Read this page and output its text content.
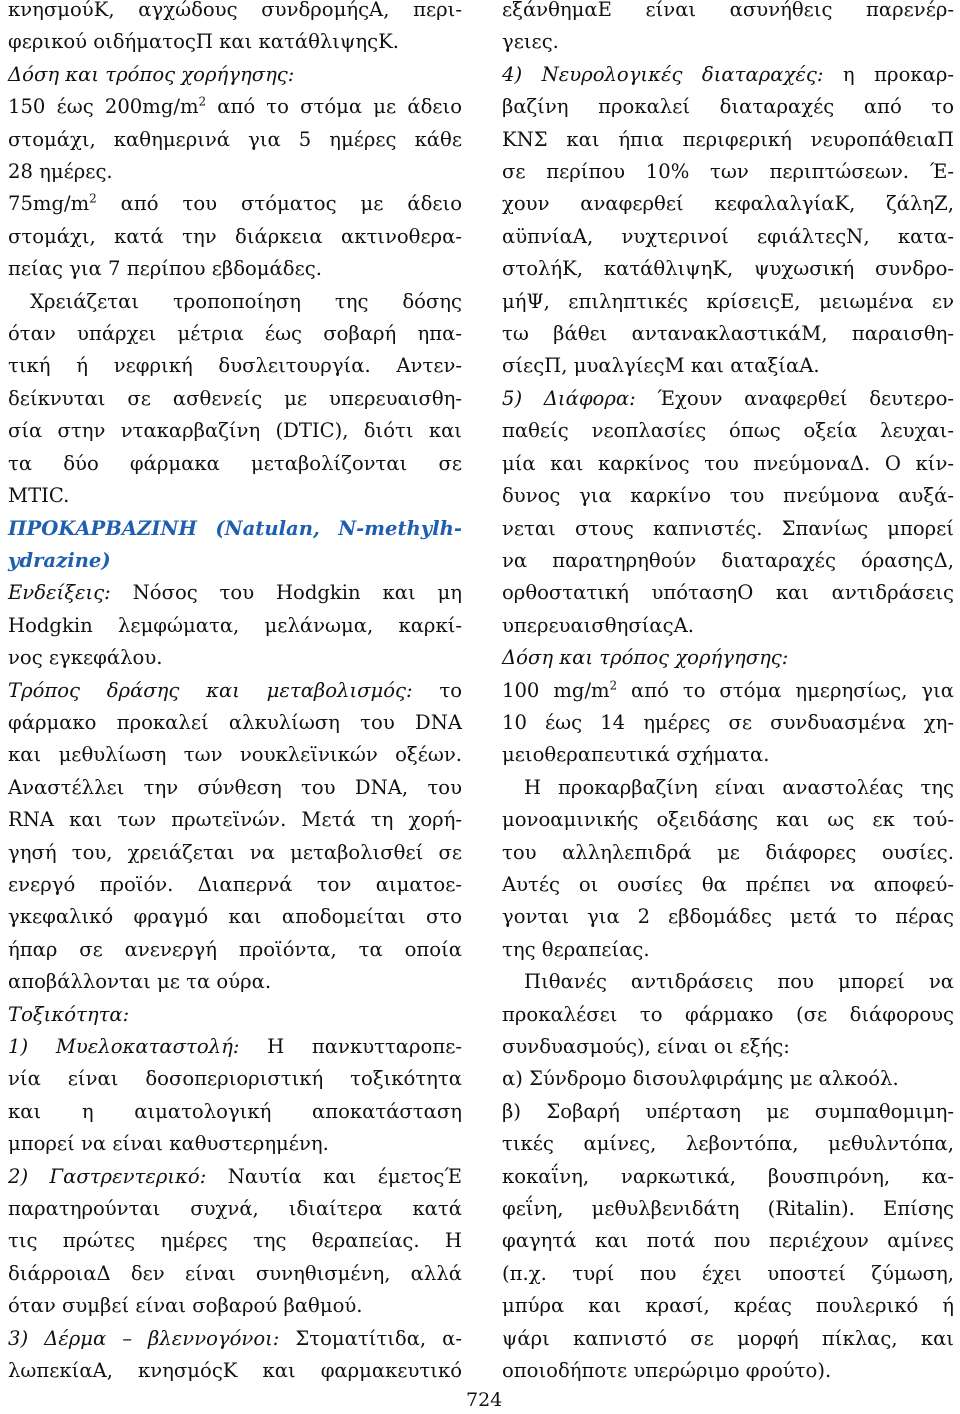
κνησμούΚ, αγχώδους συνδρομήςΑ, περι-
φερικού οιδήματοςΠ και κατάθλιψηςΚ.
Δόση και τρόπος χορήγησης:
150 έως $200mg/m^2$ από το στόμα με άδειο
στομάχι, καθημερινά για 5 ημέρες κάθε
28 ημέρες.
$75mg/m^2$ από του στόματος με άδειο
στομάχι, κατά την διάρκεια ακτινοθερα-
πείας για 7 περίπου εβδομάδες.
Χρειάζεται τροποποίηση της δόσης
όταν υπάρχει μέτρια έως σοβαρή ηπα-
τική ή νεφρική δυσλειτουργία. Αντεν-
δείκνυται σε ασθενείς με υπερευαισθη-
σία στην ντακαρβαζίνη (DTIC), διότι και
τα δύο φάρμακα μεταβολίζονται σε
MTIC.
ΠΡΟΚΑΡΒΑΖΙΝΗ (Natulan, N-methylh-
ydrazine)
Ενδείξεις: Νόσος του Hodgkin και μη
Hodgkin λεμφώματα, μελάνωμα, καρκί-
νος εγκεφάλου.
Τρόπος δράσης και μεταβολισμός: το
φάρμακο προκαλεί αλκυλίωση του DNA
και μεθυλίωση των νουκλεϊνικών οξέων.
Αναστέλλει την σύνθεση του DNA, του
RNA και των πρωτεϊνών. Μετά τη χορή-
γησή του, χρειάζεται να μεταβολισθεί σε
ενεργό προϊόν. Διαπερνά τον αιματοε-
γκεφαλικό φραγμό και αποδομείται στο
ήπαρ σε ανενεργή προϊόντα, τα οποία
αποβάλλονται με τα ούρα.
Τοξικότητα:
1) Μυελοκαταστολή: Η πανκυτταροπε-
νία είναι δοσοπεριοριστική τοξικότητα
και η αιματολογική αποκατάσταση
μπορεί να είναι καθυστερημένη.
2) Γαστρεντερικό: Ναυτία και έμετοςΈ
παρατηρούνται συχνά, ιδιαίτερα κατά
τις πρώτες ημέρες της θεραπείας. Η
διάρροιαΔ δεν είναι συνηθισμένη, αλλά
όταν συμβεί είναι σοβαρού βαθμού.
3) Δέρμα – βλεννογόνοι: Στοματίτιδα, α-
λωπεκίαΑ, κνησμόςΚ και φαρμακευτικό
εξάνθημαΕ είναι ασυνήθεις παρενέρ-
γειες.
4) Νευρολογικές διαταραχές: η προκαρ-
βαζίνη προκαλεί διαταραχές από το
ΚΝΣ και ήπια περιφερική νευροπάθειαΠ
σε περίπου 10% των περιπτώσεων. Έ-
χουν αναφερθεί κεφαλαλγίαΚ, ζάληΖ,
αϋπνίαΑ, νυχτερινοί εφιάλτεςΝ, κατα-
στολήΚ, κατάθλιψηΚ, ψυχωσική συνδρο-
μήΨ, επιληπτικές κρίσειςΕ, μειωμένα εν
τω βάθει αντανακλαστικάΜ, παραισθη-
σίεςΠ, μυαλγίεςΜ και αταξίαΑ.
5) Διάφορα: Έχουν αναφερθεί δευτερο-
παθείς νεοπλασίες όπως οξεία λευχαι-
μία και καρκίνος του πνεύμοναΔ. Ο κίν-
δυνος για καρκίνο του πνεύμονα αυξά-
νεται στους καπνιστές. Σπανίως μπορεί
να παρατηρηθούν διαταραχές όρασηςΔ,
ορθοστατική υπότασηΟ και αντιδράσεις
υπερευαισθησίαςΑ.
Δόση και τρόπος χορήγησης:
100 $mg/m^2$ από το στόμα ημερησίως, για
10 έως 14 ημέρες σε συνδυασμένα χη-
μειοθεραπευτικά σχήματα.
Η προκαρβαζίνη είναι αναστολέας της
μονοαμινικής οξειδάσης και ως εκ τού-
του αλληλεπιδρά με διάφορες ουσίες.
Αυτές οι ουσίες θα πρέπει να αποφεύ-
γονται για 2 εβδομάδες μετά το πέρας
της θεραπείας.
Πιθανές αντιδράσεις που μπορεί να
προκαλέσει το φάρμακο (σε διάφορους
συνδυασμούς), είναι οι εξής:
α) Σύνδρομο δισουλφιράμης με αλκοόλ.
β) Σοβαρή υπέρταση με συμπαθομιμη-
τικές αμίνες, λεβοντόπα, μεθυλντόπα,
κοκαΐνη, ναρκωτικά, βουσπιρόνη, κα-
φεΐνη, μεθυλβενιδάτη (Ritalin). Επίσης
φαγητά και ποτά που περιέχουν αμίνες
(π.χ. τυρί που έχει υποστεί ζύμωση,
μπύρα και κρασί, κρέας πουλερικό ή
ψάρι καπνιστό σε μορφή πίκλας, και
οποιοδήποτε υπερώριμο φρούτο).
724
